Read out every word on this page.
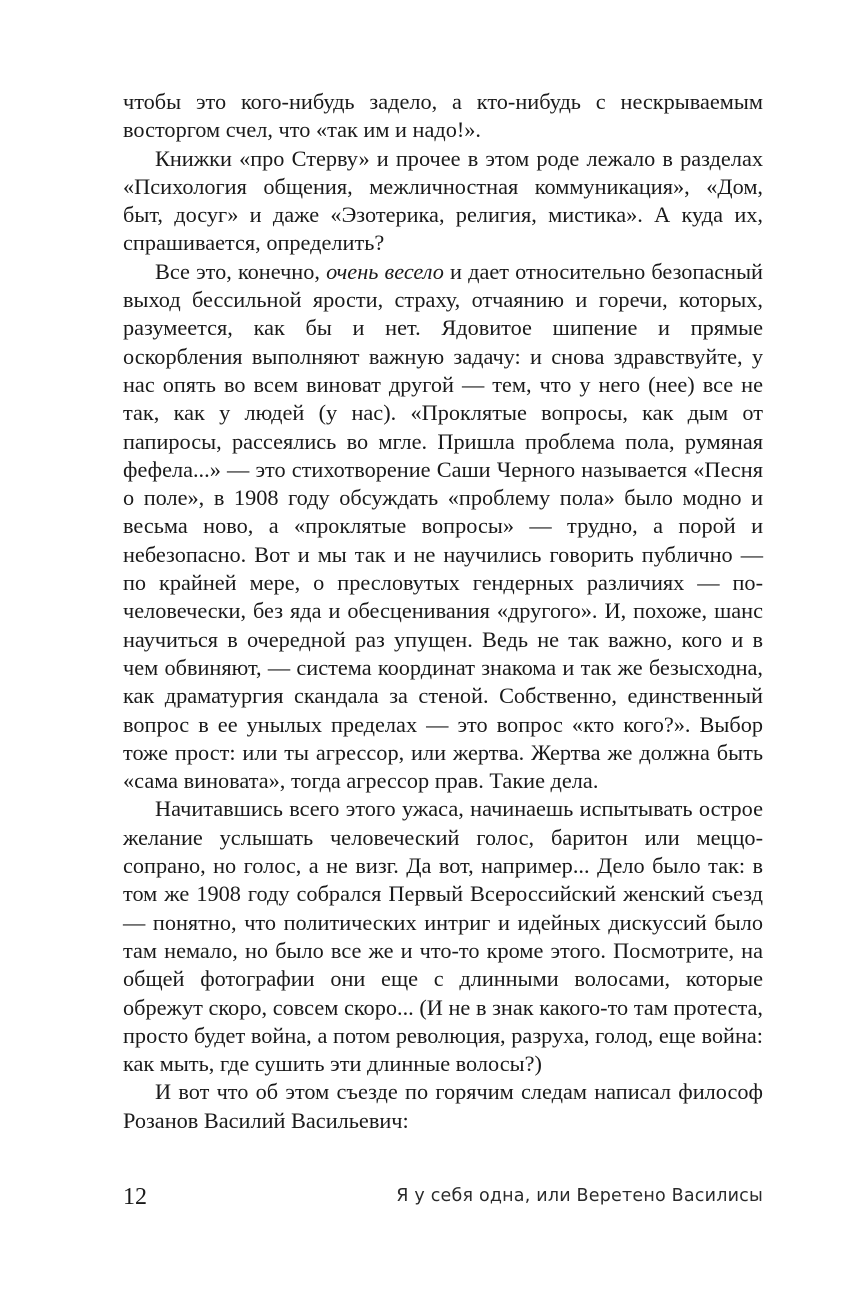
чтобы это кого-нибудь задело, а кто-нибудь с нескрываемым восторгом счел, что «так им и надо!».

Книжки «про Стерву» и прочее в этом роде лежало в разделах «Психология общения, межличностная коммуникация», «Дом, быт, досуг» и даже «Эзотерика, религия, мистика». А куда их, спрашивается, определить?

Все это, конечно, очень весело и дает относительно безопасный выход бессильной ярости, страху, отчаянию и горечи, которых, разумеется, как бы и нет. Ядовитое шипение и прямые оскорбления выполняют важную задачу: и снова здравствуйте, у нас опять во всем виноват другой — тем, что у него (нее) все не так, как у людей (у нас). «Проклятые вопросы, как дым от папиросы, рассеялись во мгле. Пришла проблема пола, румяная фефела...» — это стихотворение Саши Черного называется «Песня о поле», в 1908 году обсуждать «проблему пола» было модно и весьма ново, а «проклятые вопросы» — трудно, а порой и небезопасно. Вот и мы так и не научились говорить публично — по крайней мере, о пресловутых гендерных различиях — по-человечески, без яда и обесценивания «другого». И, похоже, шанс научиться в очередной раз упущен. Ведь не так важно, кого и в чем обвиняют, — система координат знакома и так же безысходна, как драматургия скандала за стеной. Собственно, единственный вопрос в ее унылых пределах — это вопрос «кто кого?». Выбор тоже прост: или ты агрессор, или жертва. Жертва же должна быть «сама виновата», тогда агрессор прав. Такие дела.

Начитавшись всего этого ужаса, начинаешь испытывать острое желание услышать человеческий голос, баритон или меццо-сопрано, но голос, а не визг. Да вот, например... Дело было так: в том же 1908 году собрался Первый Всероссийский женский съезд — понятно, что политических интриг и идейных дискуссий было там немало, но было все же и что-то кроме этого. Посмотрите, на общей фотографии они еще с длинными волосами, которые обрежут скоро, совсем скоро... (И не в знак какого-то там протеста, просто будет война, а потом революция, разруха, голод, еще война: как мыть, где сушить эти длинные волосы?)

И вот что об этом съезде по горячим следам написал философ Розанов Василий Васильевич:

12	Я у себя одна, или Веретено Василисы
